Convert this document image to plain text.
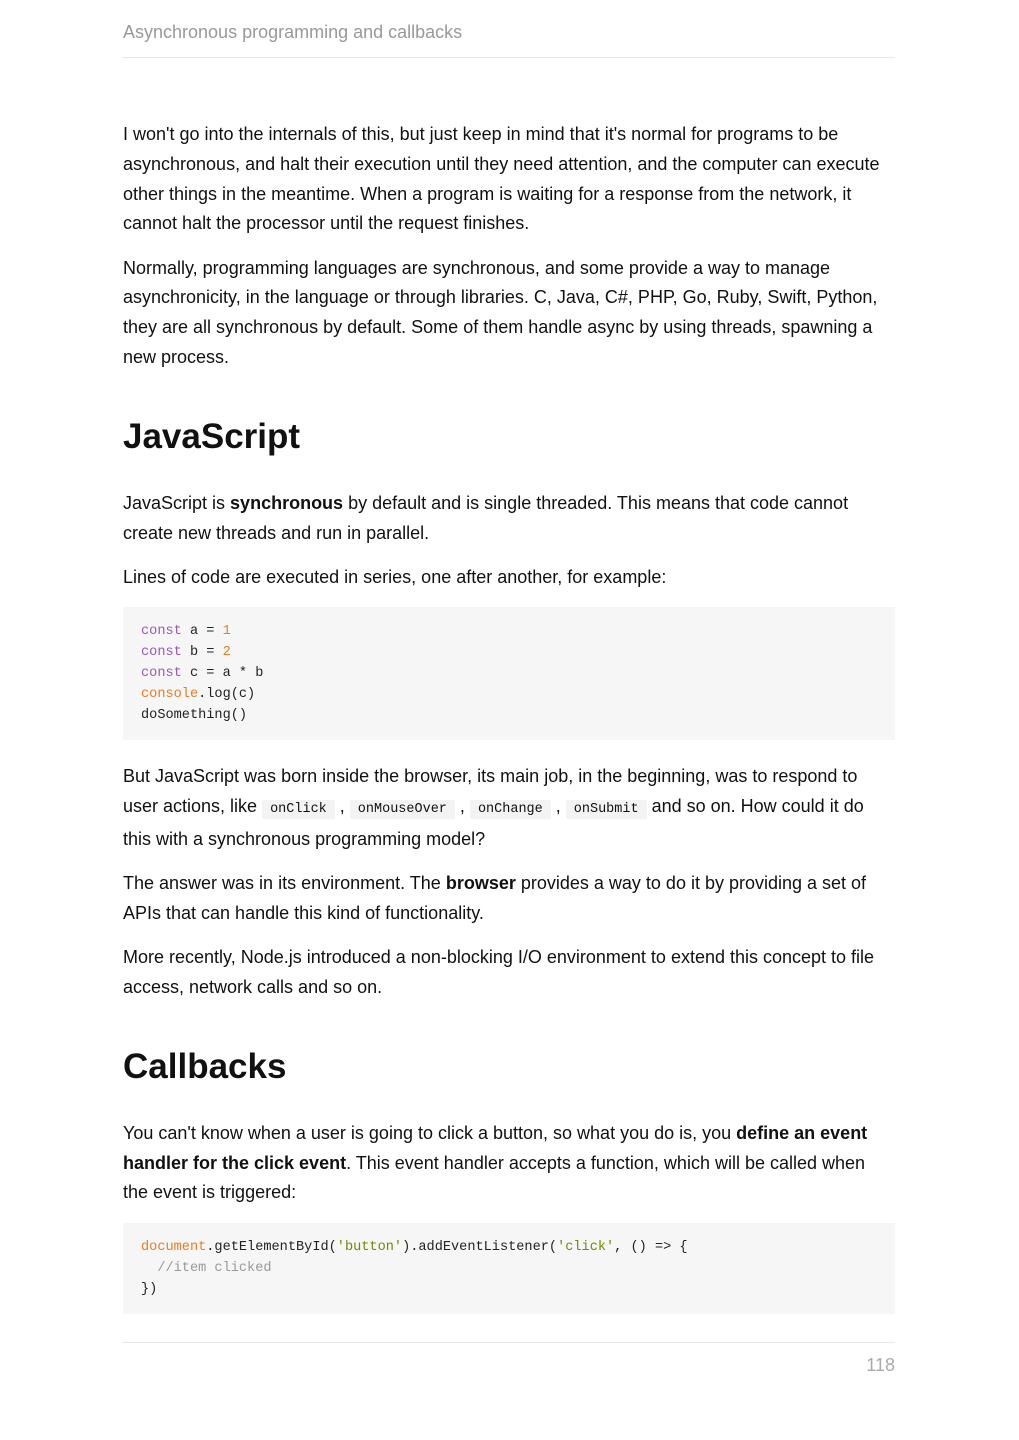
Asynchronous programming and callbacks

I won't go into the internals of this, but just keep in mind that it's normal for programs to be asynchronous, and halt their execution until they need attention, and the computer can execute other things in the meantime. When a program is waiting for a response from the network, it cannot halt the processor until the request finishes.

Normally, programming languages are synchronous, and some provide a way to manage asynchronicity, in the language or through libraries. C, Java, C#, PHP, Go, Ruby, Swift, Python, they are all synchronous by default. Some of them handle async by using threads, spawning a new process.

JavaScript

JavaScript is synchronous by default and is single threaded. This means that code cannot create new threads and run in parallel.

Lines of code are executed in series, one after another, for example:

const a = 1
const b = 2
const c = a * b
console.log(c)
doSomething()

But JavaScript was born inside the browser, its main job, in the beginning, was to respond to user actions, like onClick , onMouseOver , onChange , onSubmit and so on. How could it do this with a synchronous programming model?

The answer was in its environment. The browser provides a way to do it by providing a set of APIs that can handle this kind of functionality.

More recently, Node.js introduced a non-blocking I/O environment to extend this concept to file access, network calls and so on.

Callbacks

You can't know when a user is going to click a button, so what you do is, you define an event handler for the click event. This event handler accepts a function, which will be called when the event is triggered:

document.getElementById('button').addEventListener('click', () => {
//item clicked
})
118
